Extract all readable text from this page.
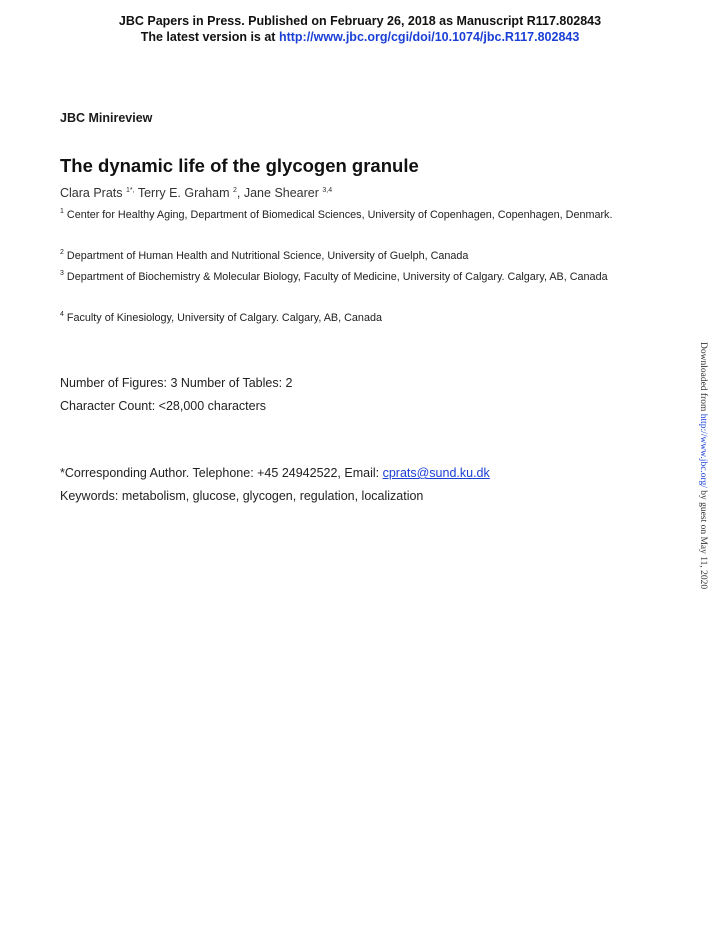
JBC Papers in Press. Published on February 26, 2018 as Manuscript R117.802843
The latest version is at http://www.jbc.org/cgi/doi/10.1074/jbc.R117.802843
JBC Minireview
The dynamic life of the glycogen granule
Clara Prats $^{1*,}$ Terry E. Graham $^2$, Jane Shearer $^{3,4}$
$^1$ Center for Healthy Aging, Department of Biomedical Sciences, University of Copenhagen, Copenhagen, Denmark.
$^2$ Department of Human Health and Nutritional Science, University of Guelph, Canada
$^3$ Department of Biochemistry & Molecular Biology, Faculty of Medicine, University of Calgary. Calgary, AB, Canada
$^4$ Faculty of Kinesiology, University of Calgary. Calgary, AB, Canada
Number of Figures: 3 Number of Tables: 2
Character Count: <28,000 characters
*Corresponding Author. Telephone: +45 24942522, Email: cprats@sund.ku.dk
Keywords: metabolism, glucose, glycogen, regulation, localization
Downloaded from http://www.jbc.org/ by guest on May 11, 2020
